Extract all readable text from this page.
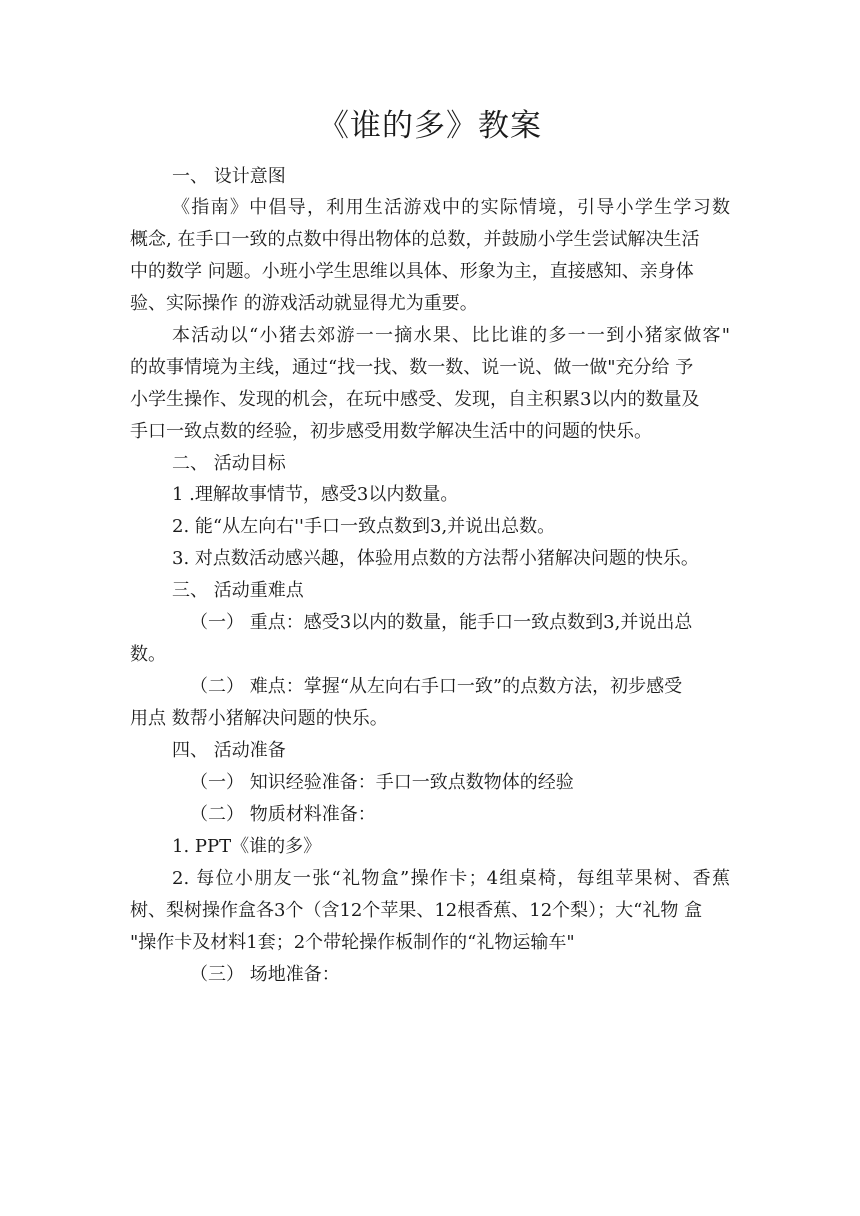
《谁的多》教案
一、 设计意图
《指南》中倡导，利用生活游戏中的实际情境，引导小学生学习数
概念, 在手口一致的点数中得出物体的总数，并鼓励小学生尝试解决生活
中的数学 问题。小班小学生思维以具体、形象为主，直接感知、亲身体
验、实际操作 的游戏活动就显得尤为重要。
本活动以“小猪去郊游一一摘水果、比比谁的多一一到小猪家做客"
的故事情境为主线，通过“找一找、数一数、说一说、做一做"充分给 予
小学生操作、发现的机会，在玩中感受、发现，自主积累3以内的数量及
手口一致点数的经验，初步感受用数学解决生活中的问题的快乐。
二、 活动目标
1 .理解故事情节，感受3以内数量。
2. 能“从左向右''手口一致点数到3,并说出总数。
3. 对点数活动感兴趣，体验用点数的方法帮小猪解决问题的快乐。
三、 活动重难点
（一） 重点：感受3以内的数量，能手口一致点数到3,并说出总
数。
（二） 难点：掌握“从左向右手口一致”的点数方法，初步感受
用点 数帮小猪解决问题的快乐。
四、 活动准备
（一） 知识经验准备：手口一致点数物体的经验
（二） 物质材料准备：
1. PPT《谁的多》
2. 每位小朋友一张“礼物盒”操作卡；4组桌椅，每组苹果树、香蕉
树、梨树操作盒各3个（含12个苹果、12根香蕉、12个梨）；大“礼物 盒
"操作卡及材料1套；2个带轮操作板制作的“礼物运输车"
（三） 场地准备：
